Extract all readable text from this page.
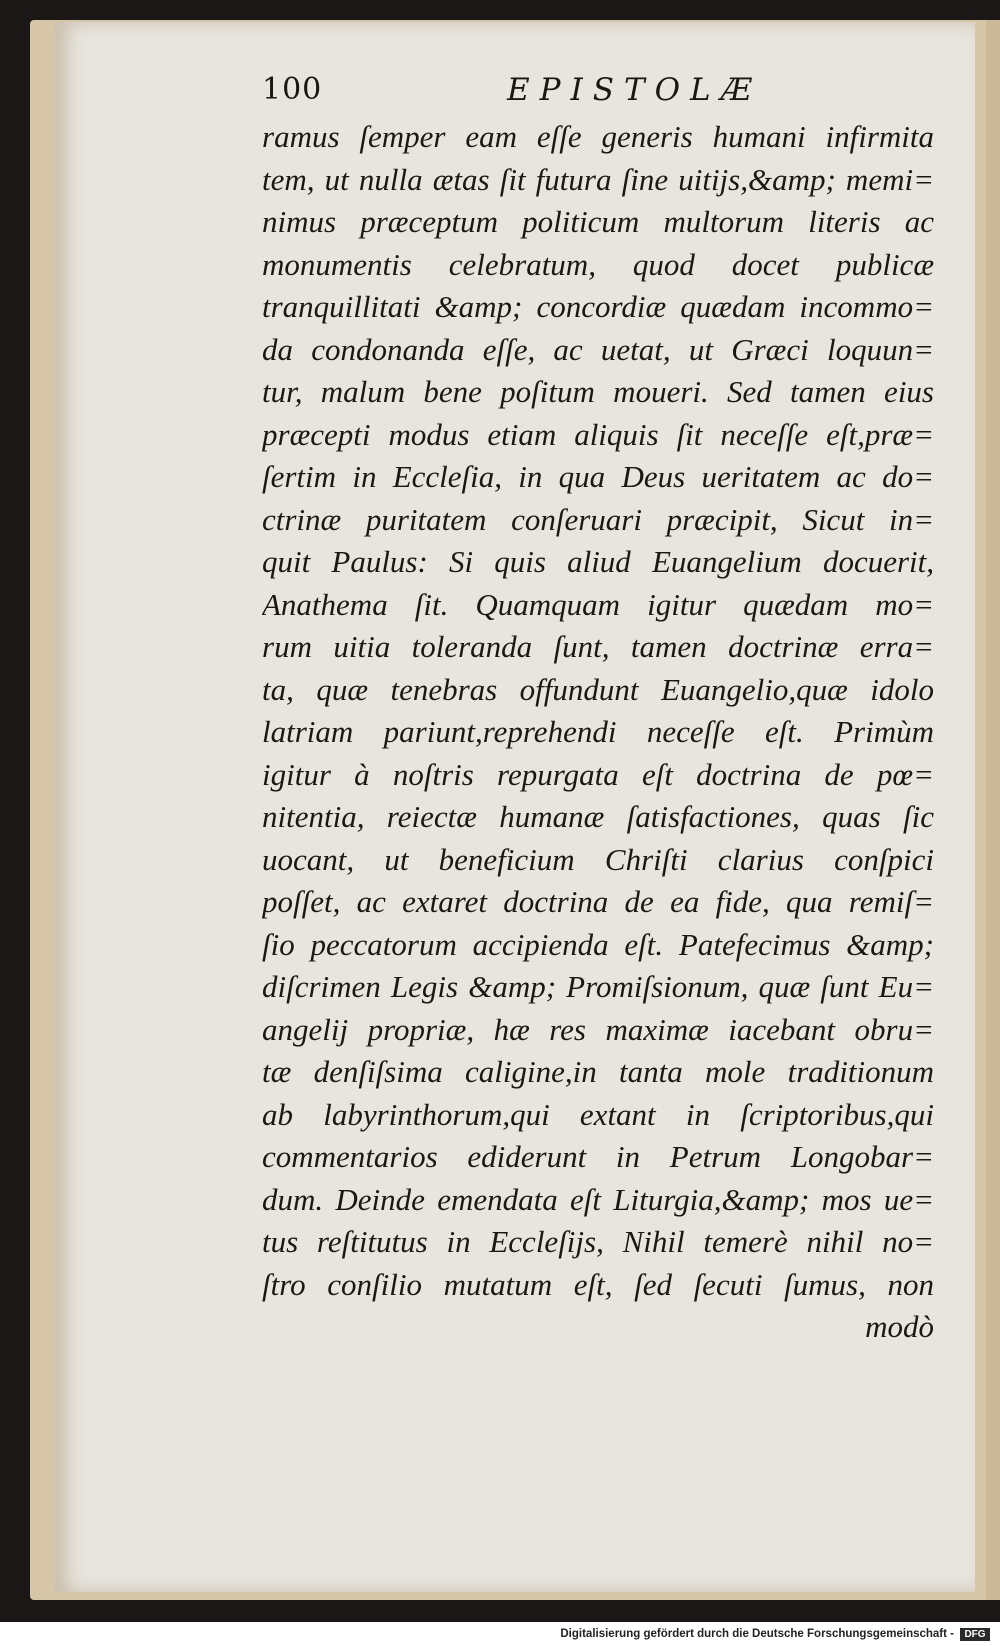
100	EPISTOLÆ
ramus ſemper eam eſſe generis humani infirmita
tem, ut nulla ætas ſit futura ſine uitijs,&amp; memi=
nimus præceptum politicum multorum literis ac
monumentis celebratum, quod docet publicæ
tranquillitati &amp; concordiæ quædam incommo=
da condonanda eſſe, ac uetat, ut Græci loquun=
tur, malum bene poſitum moueri. Sed tamen eius
præcepti modus etiam aliquis ſit neceſſe eſt,præ=
ſertim in Eccleſia, in qua Deus ueritatem ac do=
ctrinæ puritatem conſeruari præcipit, Sicut in=
quit Paulus: Si quis aliud Euangelium docuerit,
Anathema ſit. Quamquam igitur quædam mo=
rum uitia toleranda ſunt, tamen doctrinæ erra=
ta, quæ tenebras offundunt Euangelio,quæ idolo
latriam pariunt,reprehendi neceſſe eſt. Primùm
igitur à noſtris repurgata eſt doctrina de pœ=
nitentia, reiectæ humanæ ſatisfactiones, quas ſic
uocant, ut beneficium Chriſti clarius conſpici
poſſet, ac extaret doctrina de ea fide, qua remiſ=
ſio peccatorum accipienda eſt. Patefecimus &amp;
diſcrimen Legis &amp; Promiſsionum, quæ ſunt Eu=
angelij propriæ, hæ res maximæ iacebant obru=
tæ denſiſsima caligine,in tanta mole traditionum
ab labyrinthorum,qui extant in ſcriptoribus,qui
commentarios ediderunt in Petrum Longobar=
dum. Deinde emendata eſt Liturgia,&amp; mos ue=
tus reſtitutus in Eccleſijs, Nihil temerè nihil no=
ſtro conſilio mutatum eſt, ſed ſecuti ſumus, non
modò
Digitalisierung gefördert durch die Deutsche Forschungsgemeinschaft -	DFG
